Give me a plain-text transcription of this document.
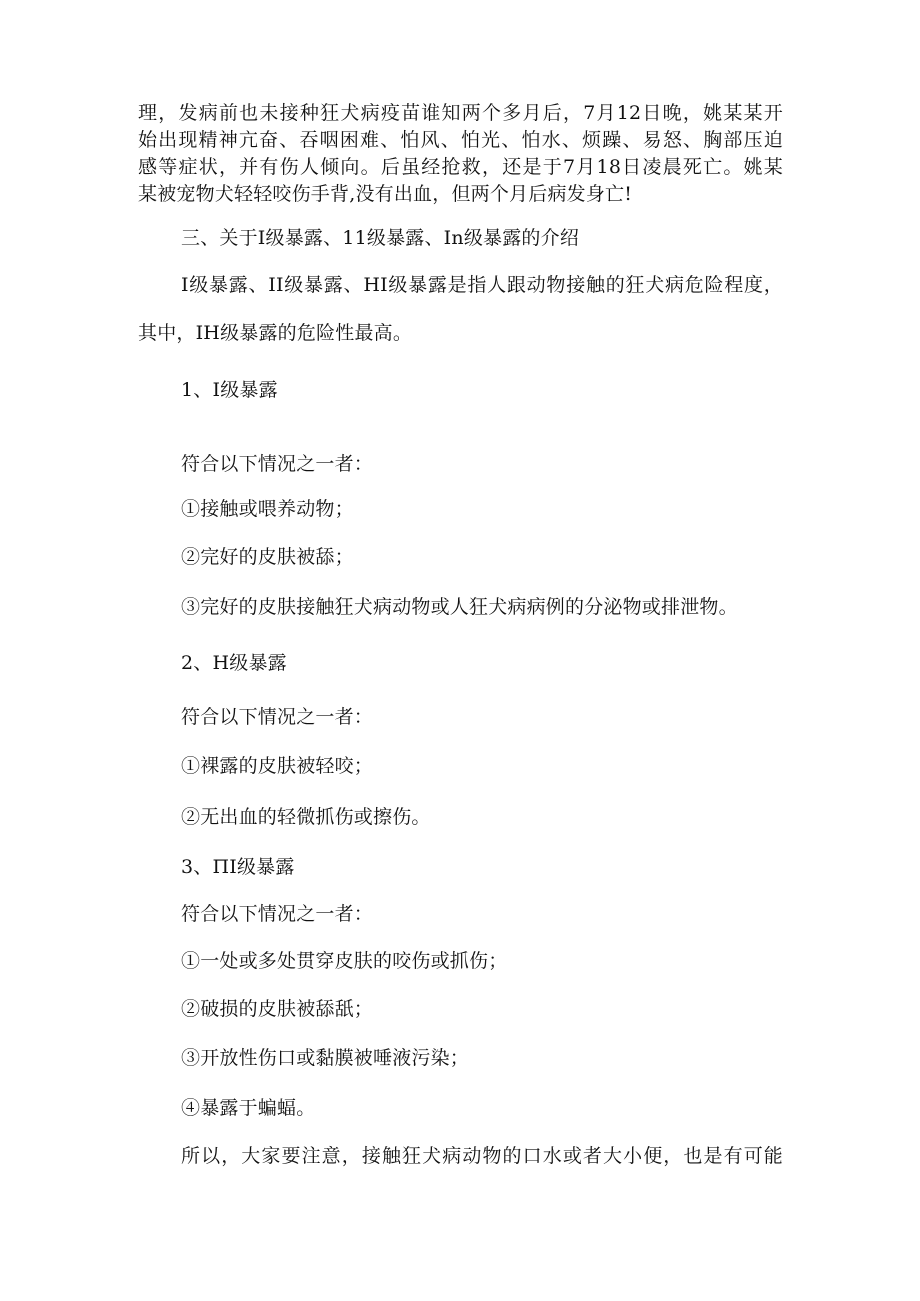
理，发病前也未接种狂犬病疫苗谁知两个多月后，7月12日晚，姚某某开
始出现精神亢奋、吞咽困难、怕风、怕光、怕水、烦躁、易怒、胸部压迫
感等症状，并有伤人倾向。后虽经抢救，还是于7月18日凌晨死亡。姚某
某被宠物犬轻轻咬伤手背,没有出血，但两个月后病发身亡!
三、关于I级暴露、11级暴露、In级暴露的介绍
I级暴露、II级暴露、HI级暴露是指人跟动物接触的狂犬病危险程度，
其中，IH级暴露的危险性最高。
1、I级暴露
符合以下情况之一者：
①接触或喂养动物；
②完好的皮肤被舔；
③完好的皮肤接触狂犬病动物或人狂犬病病例的分泌物或排泄物。
2、H级暴露
符合以下情况之一者：
①裸露的皮肤被轻咬；
②无出血的轻微抓伤或擦伤。
3、ΠI级暴露
符合以下情况之一者：
①一处或多处贯穿皮肤的咬伤或抓伤；
②破损的皮肤被舔舐；
③开放性伤口或黏膜被唾液污染；
④暴露于蝙蝠。
所以，大家要注意，接触狂犬病动物的口水或者大小便，也是有可能
